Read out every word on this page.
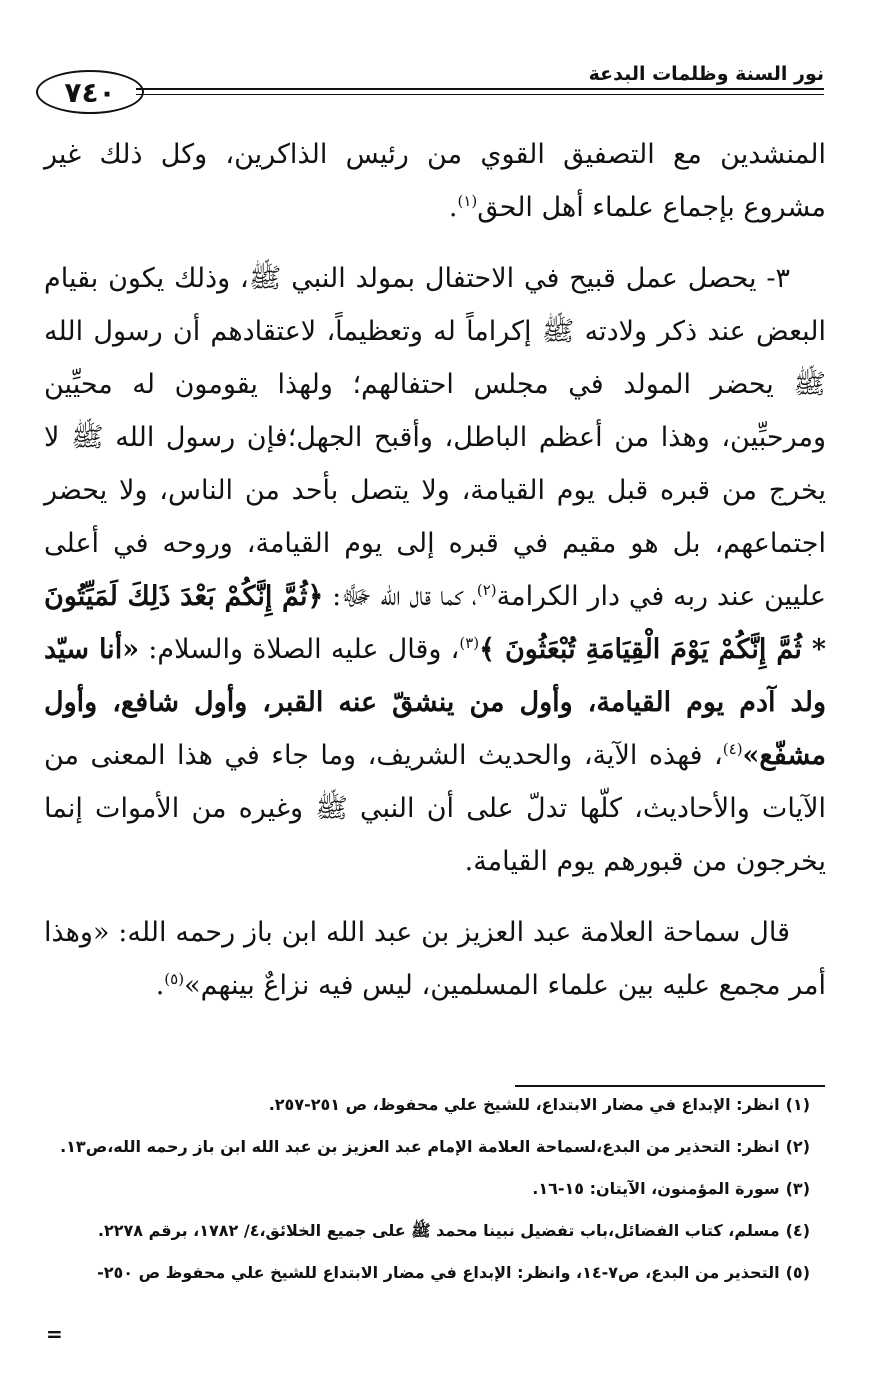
٧٤٠
نور السنة وظلمات البدعة

المنشدين مع التصفيق القوي من رئيس الذاكرين، وكل ذلك غير مشروع بإجماع علماء أهل الحق$^{(١)}$.

٣- يحصل عمل قبيح في الاحتفال بمولد النبي ﷺ، وذلك يكون بقيام البعض عند ذكر ولادته ﷺ إكراماً له وتعظيماً، لاعتقادهم أن رسول الله ﷺ يحضر المولد في مجلس احتفالهم؛ ولهذا يقومون له محيِّين ومرحبِّين، وهذا من أعظم الباطل، وأقبح الجهل؛فإن رسول الله ﷺ لا يخرج من قبره قبل يوم القيامة، ولا يتصل بأحد من الناس، ولا يحضر اجتماعهم، بل هو مقيم في قبره إلى يوم القيامة، وروحه في أعلى عليين عند ربه في دار الكرامة$^{(٢)}$، كما قال الله ﷻ: ﴿ثُمَّ إِنَّكُمْ بَعْدَ ذَلِكَ لَمَيِّتُونَ * ثُمَّ إِنَّكُمْ يَوْمَ الْقِيَامَةِ تُبْعَثُونَ ﴾$^{(٣)}$، وقال عليه الصلاة والسلام: «أنا سيّد ولد آدم يوم القيامة، وأول من ينشقّ عنه القبر، وأول شافع، وأول مشفّع»$^{(٤)}$، فهذه الآية، والحديث الشريف، وما جاء في هذا المعنى من الآيات والأحاديث، كلّها تدلّ على أن النبي ﷺ وغيره من الأموات إنما يخرجون من قبورهم يوم القيامة.

قال سماحة العلامة عبد العزيز بن عبد الله ابن باز رحمه الله: «وهذا أمر مجمع عليه بين علماء المسلمين، ليس فيه نزاعٌ بينهم»$^{(٥)}$.

(١)انظر: الإبداع في مضار الابتداع، للشيخ علي محفوظ، ص ٢٥١-٢٥٧.
(٢)انظر: التحذير من البدع،لسماحة العلامة الإمام عبد العزيز بن عبد الله ابن باز رحمه الله،ص١٣.
(٣)سورة المؤمنون، الآيتان: ١٥-١٦.
(٤)مسلم، كتاب الفضائل،باب تفضيل نبينا محمد ﷺ على جميع الخلائق،٤/ ١٧٨٢، برقم ٢٢٧٨.
(٥)التحذير من البدع، ص٧-١٤، وانظر: الإبداع في مضار الابتداع للشيخ علي محفوظ ص ٢٥٠-
=
